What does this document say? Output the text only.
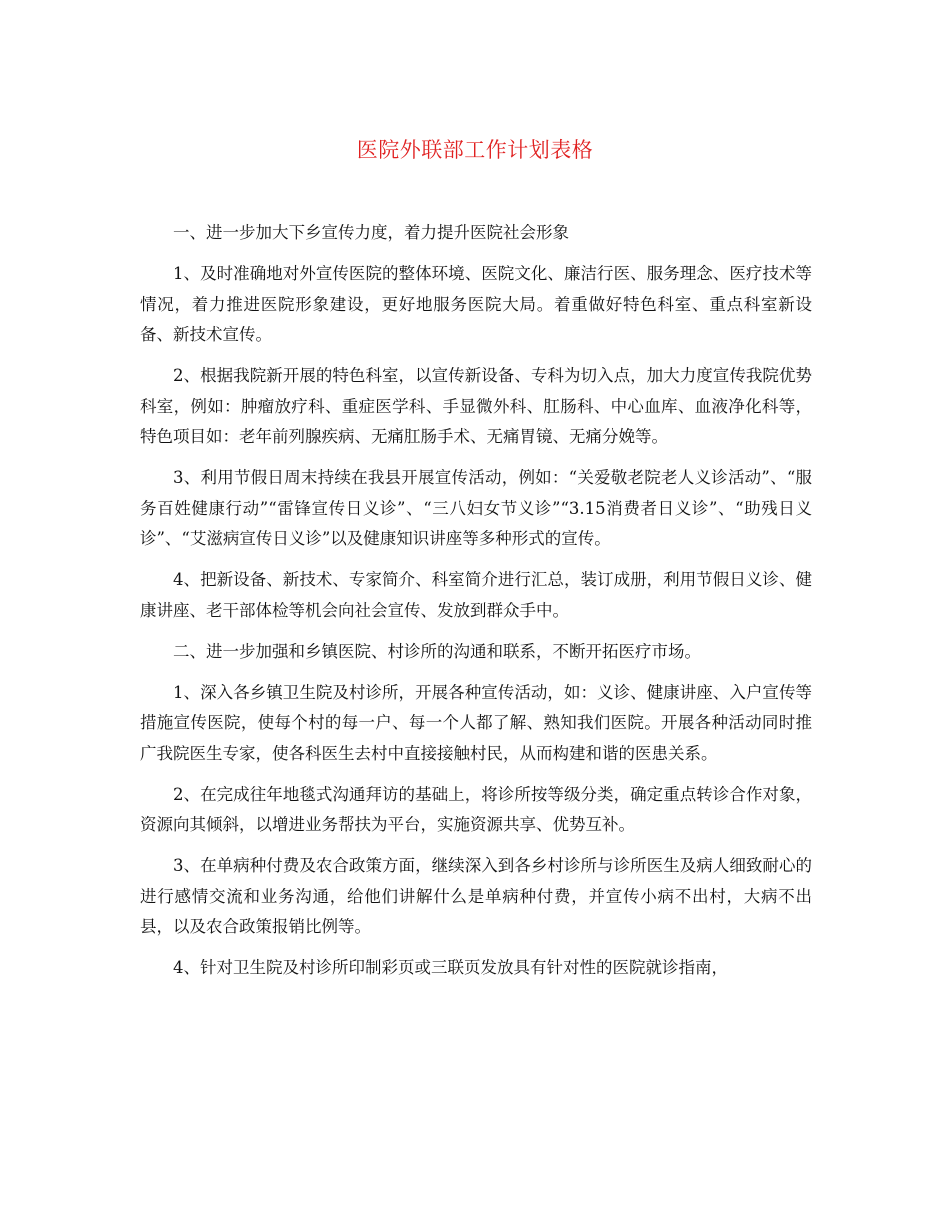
医院外联部工作计划表格

一、进一步加大下乡宣传力度，着力提升医院社会形象

1、及时准确地对外宣传医院的整体环境、医院文化、廉洁行医、服务理念、医疗技术等情况，着力推进医院形象建设，更好地服务医院大局。着重做好特色科室、重点科室新设备、新技术宣传。

2、根据我院新开展的特色科室，以宣传新设备、专科为切入点，加大力度宣传我院优势科室，例如：肿瘤放疗科、重症医学科、手显微外科、肛肠科、中心血库、血液净化科等，特色项目如：老年前列腺疾病、无痛肛肠手术、无痛胃镜、无痛分娩等。

3、利用节假日周末持续在我县开展宣传活动，例如：“关爱敬老院老人义诊活动”、“服务百姓健康行动”“雷锋宣传日义诊”、“三八妇女节义诊”“3.15消费者日义诊”、“助残日义诊”、“艾滋病宣传日义诊”以及健康知识讲座等多种形式的宣传。

4、把新设备、新技术、专家简介、科室简介进行汇总，装订成册，利用节假日义诊、健康讲座、老干部体检等机会向社会宣传、发放到群众手中。

二、进一步加强和乡镇医院、村诊所的沟通和联系，不断开拓医疗市场。

1、深入各乡镇卫生院及村诊所，开展各种宣传活动，如：义诊、健康讲座、入户宣传等措施宣传医院，使每个村的每一户、每一个人都了解、熟知我们医院。开展各种活动同时推广我院医生专家，使各科医生去村中直接接触村民，从而构建和谐的医患关系。

2、在完成往年地毯式沟通拜访的基础上，将诊所按等级分类，确定重点转诊合作对象，资源向其倾斜，以增进业务帮扶为平台，实施资源共享、优势互补。

3、在单病种付费及农合政策方面，继续深入到各乡村诊所与诊所医生及病人细致耐心的进行感情交流和业务沟通，给他们讲解什么是单病种付费，并宣传小病不出村，大病不出县，以及农合政策报销比例等。

4、针对卫生院及村诊所印制彩页或三联页发放具有针对性的医院就诊指南，
